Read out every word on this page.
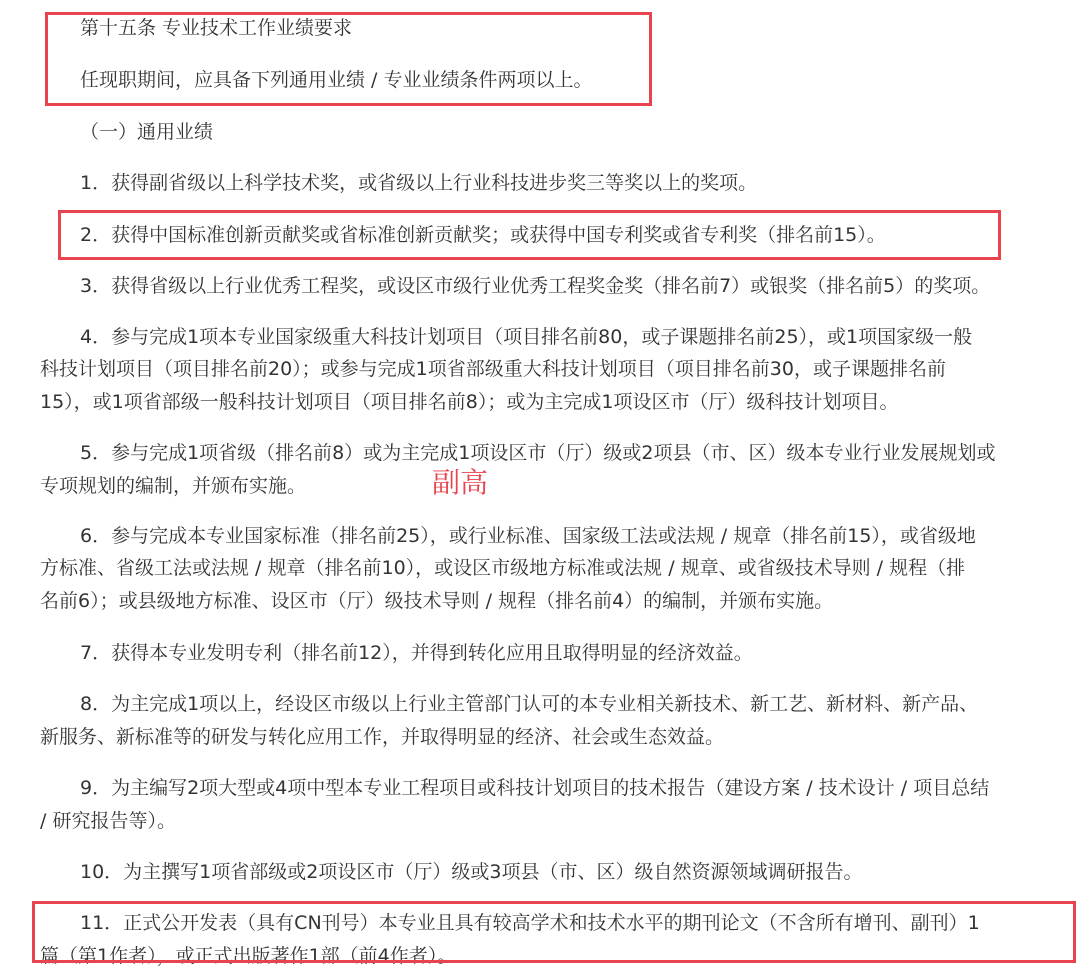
第十五条 专业技术工作业绩要求

任现职期间，应具备下列通用业绩 / 专业业绩条件两项以上。

（一）通用业绩

1．获得副省级以上科学技术奖，或省级以上行业科技进步奖三等奖以上的奖项。

2．获得中国标准创新贡献奖或省标准创新贡献奖；或获得中国专利奖或省专利奖（排名前15）。

3．获得省级以上行业优秀工程奖，或设区市级行业优秀工程奖金奖（排名前7）或银奖（排名前5）的奖项。

4．参与完成1项本专业国家级重大科技计划项目（项目排名前80，或子课题排名前25），或1项国家级一般

科技计划项目（项目排名前20）；或参与完成1项省部级重大科技计划项目（项目排名前30，或子课题排名前

15），或1项省部级一般科技计划项目（项目排名前8）；或为主完成1项设区市（厅）级科技计划项目。

5．参与完成1项省级（排名前8）或为主完成1项设区市（厅）级或2项县（市、区）级本专业行业发展规划或

专项规划的编制，并颁布实施。	副高

6．参与完成本专业国家标准（排名前25），或行业标准、国家级工法或法规 / 规章（排名前15），或省级地

方标准、省级工法或法规 / 规章（排名前10），或设区市级地方标准或法规 / 规章、或省级技术导则 / 规程（排

名前6）；或县级地方标准、设区市（厅）级技术导则 / 规程（排名前4）的编制，并颁布实施。

7．获得本专业发明专利（排名前12），并得到转化应用且取得明显的经济效益。

8．为主完成1项以上，经设区市级以上行业主管部门认可的本专业相关新技术、新工艺、新材料、新产品、

新服务、新标准等的研发与转化应用工作，并取得明显的经济、社会或生态效益。

9．为主编写2项大型或4项中型本专业工程项目或科技计划项目的技术报告（建设方案 / 技术设计 / 项目总结

/ 研究报告等）。

10．为主撰写1项省部级或2项设区市（厅）级或3项县（市、区）级自然资源领域调研报告。

11．正式公开发表（具有CN刊号）本专业且具有较高学术和技术水平的期刊论文（不含所有增刊、副刊）1

篇（第1作者），或正式出版著作1部（前4作者）。
